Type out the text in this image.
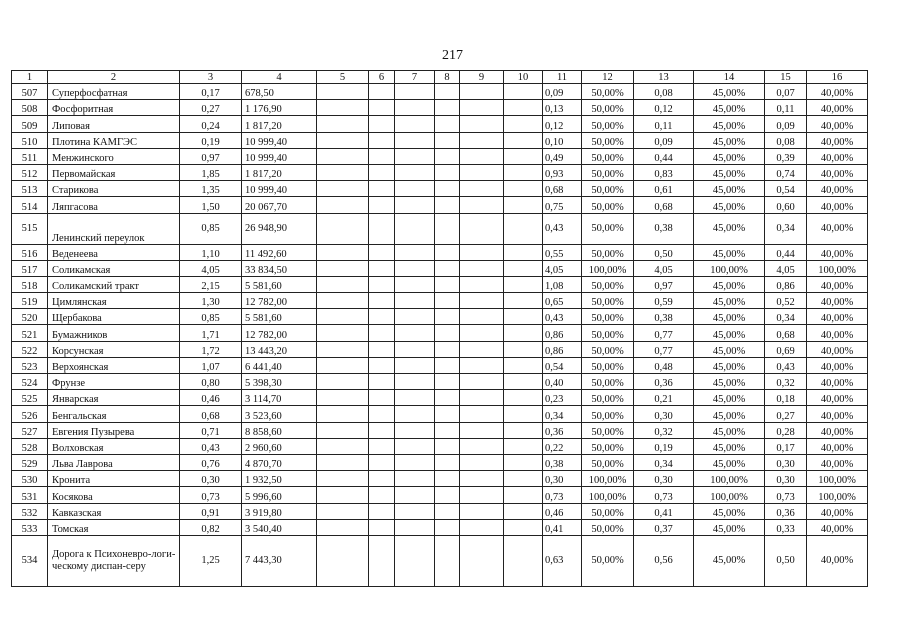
217
1	2	3	4	5	6	7	8	9	10	11	12	13	14	15	16
507	Суперфосфатная	0,17	678,50							0,09	50,00%	0,08	45,00%	0,07	40,00%
508	Фосфоритная	0,27	1 176,90							0,13	50,00%	0,12	45,00%	0,11	40,00%
509	Липовая	0,24	1 817,20							0,12	50,00%	0,11	45,00%	0,09	40,00%
510	Плотина КАМГЭС	0,19	10 999,40							0,10	50,00%	0,09	45,00%	0,08	40,00%
511	Менжинского	0,97	10 999,40							0,49	50,00%	0,44	45,00%	0,39	40,00%
512	Первомайская	1,85	1 817,20							0,93	50,00%	0,83	45,00%	0,74	40,00%
513	Старикова	1,35	10 999,40							0,68	50,00%	0,61	45,00%	0,54	40,00%
514	Ляпгасова	1,50	20 067,70							0,75	50,00%	0,68	45,00%	0,60	40,00%
515	Ленинский переулок	0,85	26 948,90							0,43	50,00%	0,38	45,00%	0,34	40,00%
516	Веденеева	1,10	11 492,60							0,55	50,00%	0,50	45,00%	0,44	40,00%
517	Соликамская	4,05	33 834,50							4,05	100,00%	4,05	100,00%	4,05	100,00%
518	Соликамский тракт	2,15	5 581,60							1,08	50,00%	0,97	45,00%	0,86	40,00%
519	Цимлянская	1,30	12 782,00							0,65	50,00%	0,59	45,00%	0,52	40,00%
520	Щербакова	0,85	5 581,60							0,43	50,00%	0,38	45,00%	0,34	40,00%
521	Бумажников	1,71	12 782,00							0,86	50,00%	0,77	45,00%	0,68	40,00%
522	Корсунская	1,72	13 443,20							0,86	50,00%	0,77	45,00%	0,69	40,00%
523	Верхоянская	1,07	6 441,40							0,54	50,00%	0,48	45,00%	0,43	40,00%
524	Фрунзе	0,80	5 398,30							0,40	50,00%	0,36	45,00%	0,32	40,00%
525	Январская	0,46	3 114,70							0,23	50,00%	0,21	45,00%	0,18	40,00%
526	Бенгальская	0,68	3 523,60							0,34	50,00%	0,30	45,00%	0,27	40,00%
527	Евгения Пузырева	0,71	8 858,60							0,36	50,00%	0,32	45,00%	0,28	40,00%
528	Волховская	0,43	2 960,60							0,22	50,00%	0,19	45,00%	0,17	40,00%
529	Льва Лаврова	0,76	4 870,70							0,38	50,00%	0,34	45,00%	0,30	40,00%
530	Кронита	0,30	1 932,50							0,30	100,00%	0,30	100,00%	0,30	100,00%
531	Косякова	0,73	5 996,60							0,73	100,00%	0,73	100,00%	0,73	100,00%
532	Кавказская	0,91	3 919,80							0,46	50,00%	0,41	45,00%	0,36	40,00%
533	Томская	0,82	3 540,40							0,41	50,00%	0,37	45,00%	0,33	40,00%
534	Дорога к Психоневро-логи-ческому диспан-серу	1,25	7 443,30							0,63	50,00%	0,56	45,00%	0,50	40,00%
